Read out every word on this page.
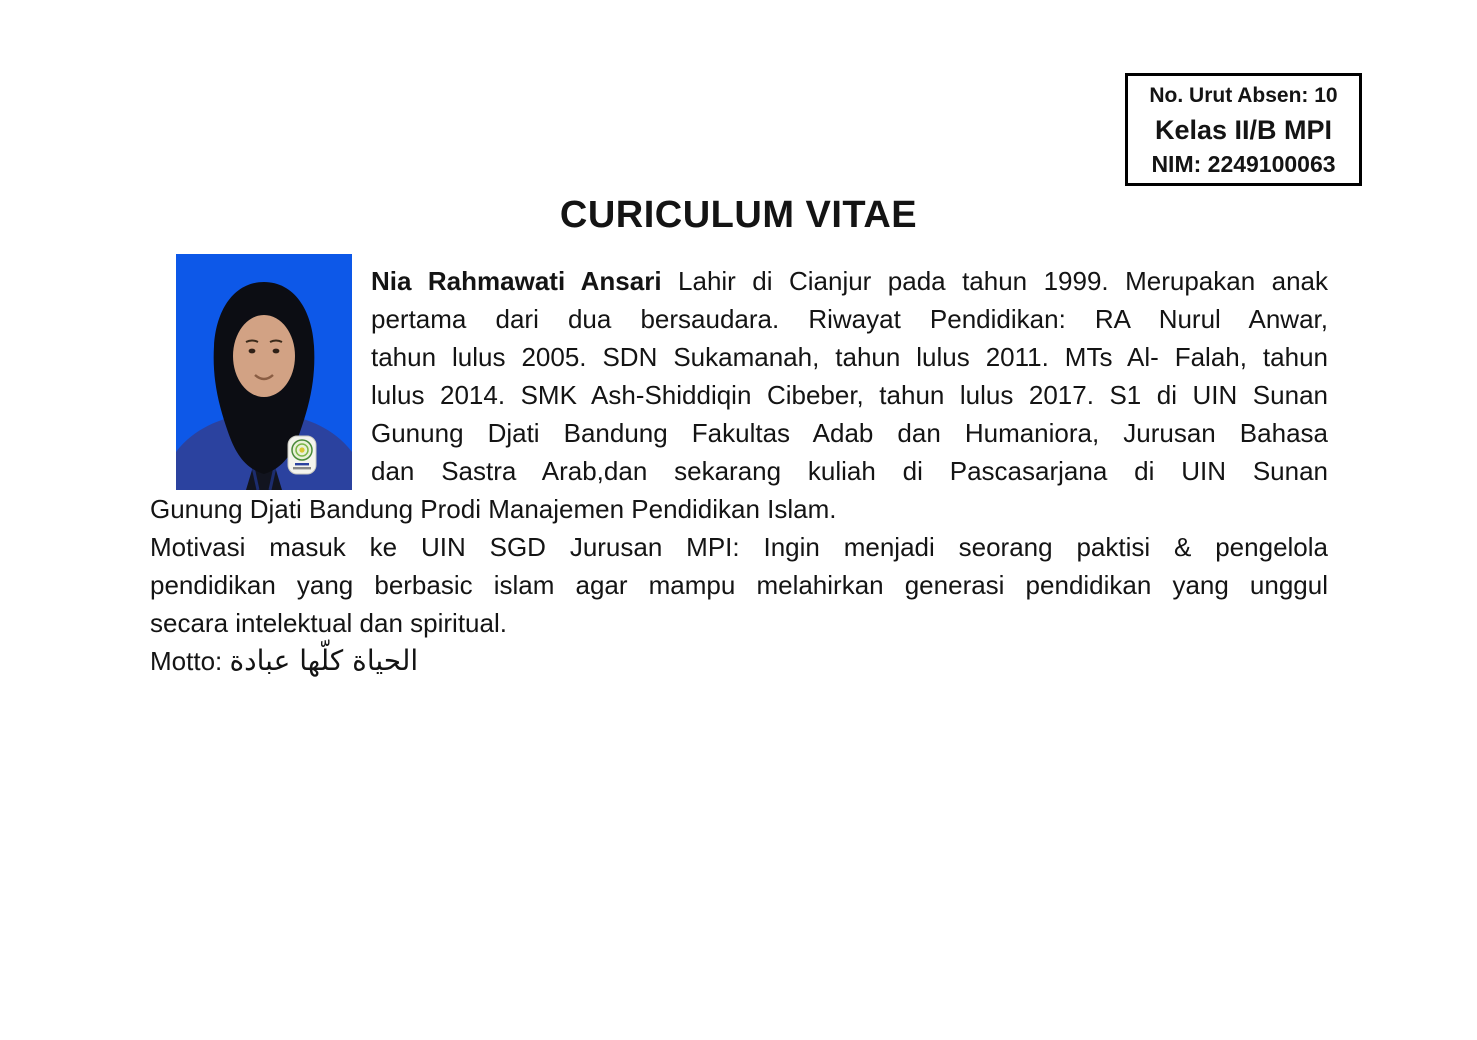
No. Urut Absen: 10
Kelas II/B MPI
NIM: 2249100063
CURICULUM VITAE
Nia Rahmawati Ansari Lahir di Cianjur pada tahun 1999. Merupakan anak
pertama dari dua bersaudara. Riwayat Pendidikan: RA Nurul Anwar,
tahun lulus 2005. SDN Sukamanah, tahun lulus 2011. MTs Al- Falah, tahun
lulus 2014. SMK Ash-Shiddiqin Cibeber, tahun lulus 2017. S1 di UIN Sunan
Gunung Djati Bandung Fakultas Adab dan Humaniora, Jurusan Bahasa
dan Sastra Arab,dan sekarang kuliah di Pascasarjana di UIN Sunan
Gunung Djati Bandung Prodi Manajemen Pendidikan Islam.
Motivasi masuk ke UIN SGD Jurusan MPI: Ingin menjadi seorang paktisi & pengelola
pendidikan yang berbasic islam agar mampu melahirkan generasi pendidikan yang unggul
secara intelektual dan spiritual.
Motto: الحياة كلّها عبادة
